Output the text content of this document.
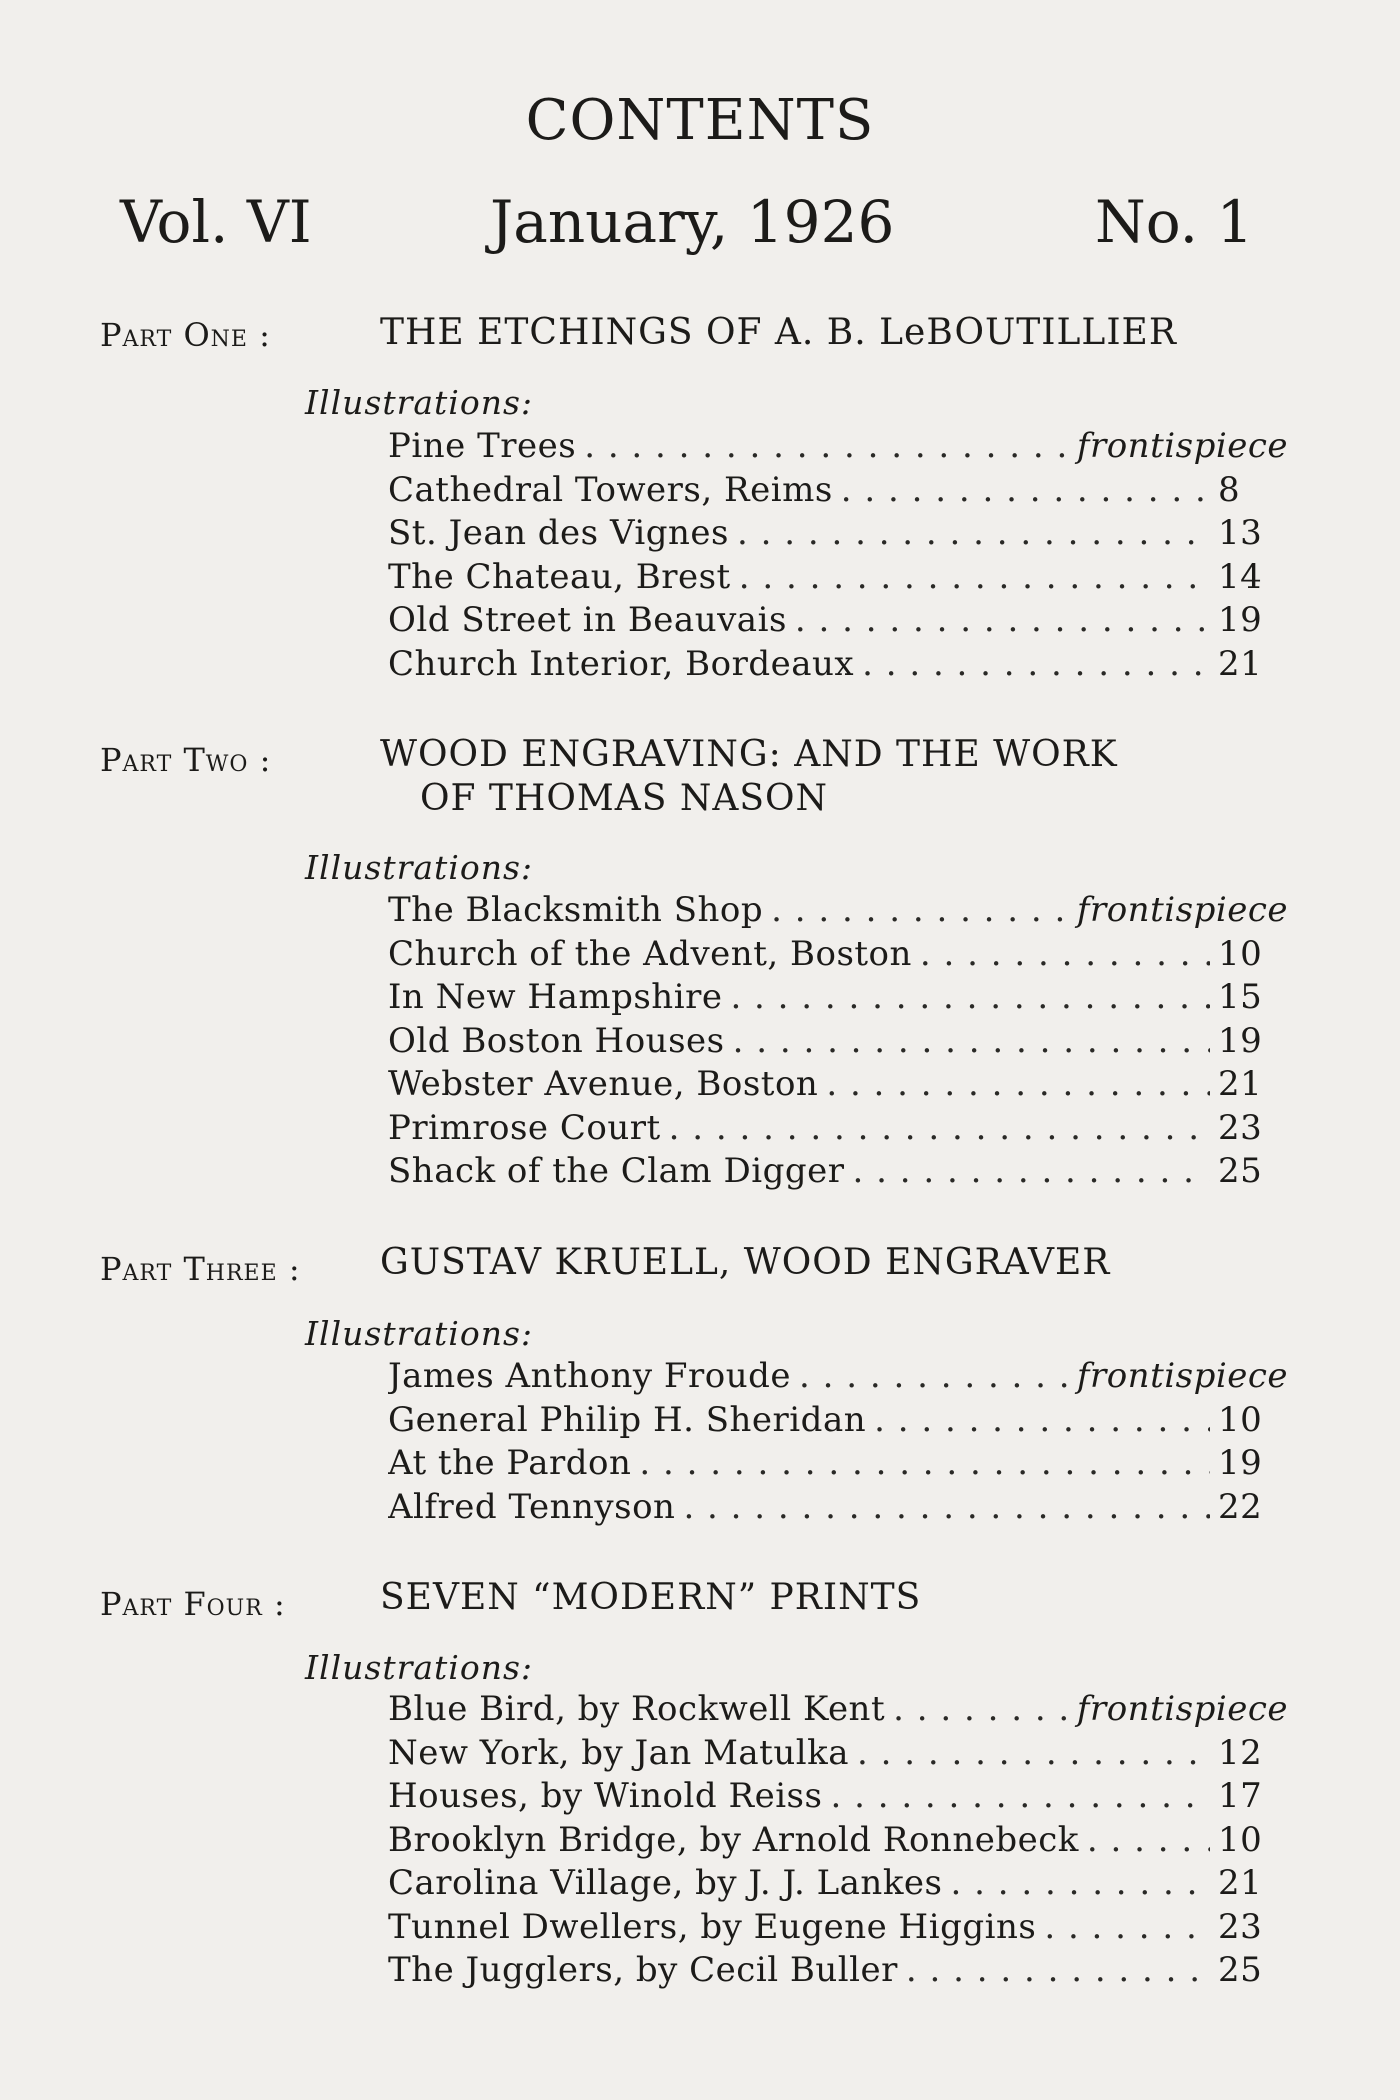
CONTENTS
Vol. VI	January, 1926	No. 1
Part One :	THE ETCHINGS OF A. B. LeBOUTILLIER
Illustrations:
Pine Trees . . .	frontispiece
Cathedral Towers, Reims . . .	8
St. Jean des Vignes . . .	13
The Chateau, Brest . . .	14
Old Street in Beauvais . . .	19
Church Interior, Bordeaux . . .	21
Part Two :	WOOD ENGRAVING: AND THE WORK
OF THOMAS NASON
Illustrations:
The Blacksmith Shop . . .	frontispiece
Church of the Advent, Boston . . .	10
In New Hampshire . . .	15
Old Boston Houses . . .	19
Webster Avenue, Boston . . .	21
Primrose Court . . .	23
Shack of the Clam Digger . . .	25
Part Three : GUSTAV KRUELL, WOOD ENGRAVER
Illustrations:
James Anthony Froude . . .	frontispiece
General Philip H. Sheridan . . .	10
At the Pardon . . .	19
Alfred Tennyson . . .	22
Part Four :	SEVEN “MODERN” PRINTS
Illustrations:
Blue Bird, by Rockwell Kent . . .	frontispiece
New York, by Jan Matulka . . .	12
Houses, by Winold Reiss . . .	17
Brooklyn Bridge, by Arnold Ronnebeck . . .	10
Carolina Village, by J. J. Lankes . . .	21
Tunnel Dwellers, by Eugene Higgins . . .	23
The Jugglers, by Cecil Buller . . .	25
